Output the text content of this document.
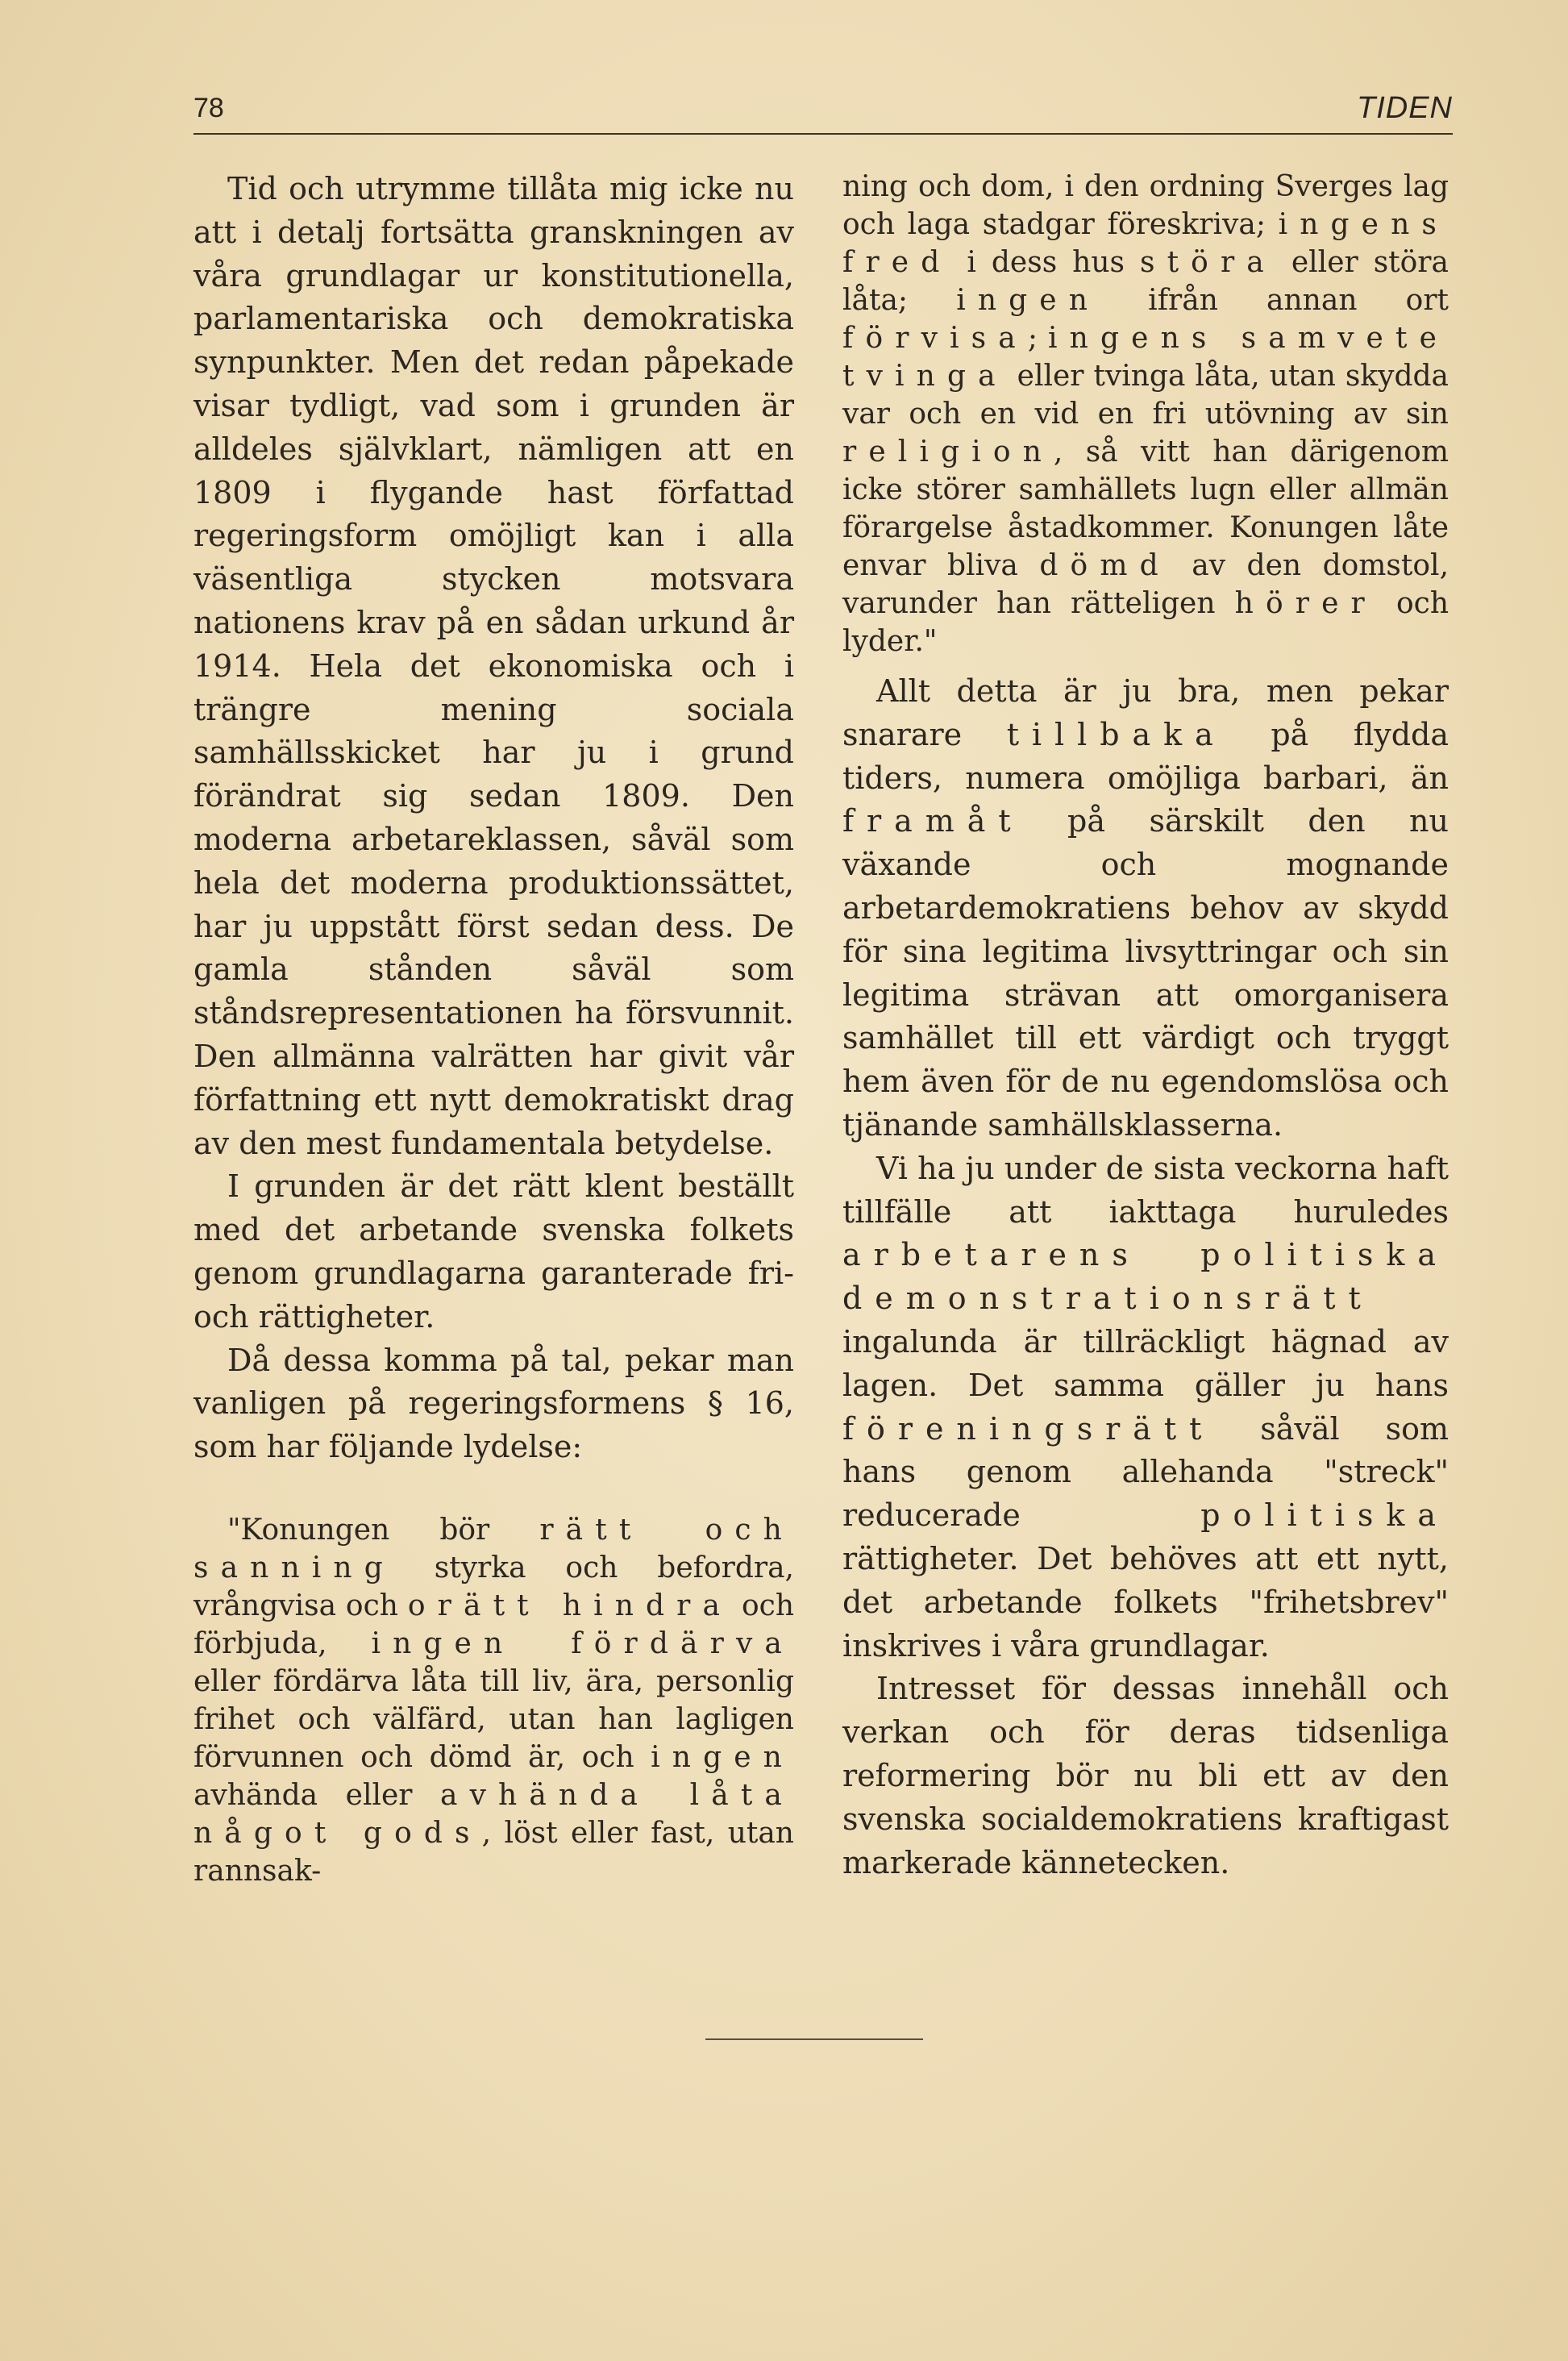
78	TIDEN

Tid och utrymme tillåta mig icke nu att i detalj fortsätta granskningen av våra grundlagar ur konstitutionella, parlamentariska och demokratiska synpunkter. Men det redan påpekade visar tydligt, vad som i grunden är alldeles självklart, nämligen att en 1809 i flygande hast författad regeringsform omöjligt kan i alla väsentliga stycken motsvara nationens krav på en sådan urkund år 1914. Hela det ekonomiska och i trängre mening sociala samhällsskicket har ju i grund förändrat sig sedan 1809. Den moderna arbetareklassen, såväl som hela det moderna produktionssättet, har ju uppstått först sedan dess. De gamla stånden såväl som ståndsrepresentationen ha försvunnit. Den allmänna valrätten har givit vår författning ett nytt demokratiskt drag av den mest fundamentala betydelse.

I grunden är det rätt klent beställt med det arbetande svenska folkets genom grundlagarna garanterade fri- och rättigheter.

Då dessa komma på tal, pekar man vanligen på regeringsformens § 16, som har följande lydelse:

"Konungen bör rätt och sanning styrka och befordra, vrångvisa och orätt hindra och förbjuda, ingen fördärva eller fördärva låta till liv, ära, personlig frihet och välfärd, utan han lagligen förvunnen och dömd är, och ingen avhända eller avhända låta något gods, löst eller fast, utan rannsak-

ning och dom, i den ordning Sverges lag och laga stadgar föreskriva; ingens fred i dess hus störa eller störa låta; ingen ifrån annan ort förvisa; ingens samvete tvinga eller tvinga låta, utan skydda var och en vid en fri utövning av sin religion, så vitt han därigenom icke störer samhällets lugn eller allmän förargelse åstadkommer. Konungen låte envar bliva dömd av den domstol, varunder han rätteligen hörer och lyder."

Allt detta är ju bra, men pekar snarare tillbaka på flydda tiders, numera omöjliga barbari, än framåt på särskilt den nu växande och mognande arbetardemokratiens behov av skydd för sina legitima livsyttringar och sin legitima strävan att omorganisera samhället till ett värdigt och tryggt hem även för de nu egendomslösa och tjänande samhällsklasserna.

Vi ha ju under de sista veckorna haft tillfälle att iakttaga huruledes arbetarens politiska demonstrationsrätt ingalunda är tillräckligt hägnad av lagen. Det samma gäller ju hans föreningsrätt såväl som hans genom allehanda "streck" reducerade politiska rättigheter. Det behöves att ett nytt, det arbetande folkets "frihetsbrev" inskrives i våra grundlagar.

Intresset för dessas innehåll och verkan och för deras tidsenliga reformering bör nu bli ett av den svenska socialdemokratiens kraftigast markerade kännetecken.
